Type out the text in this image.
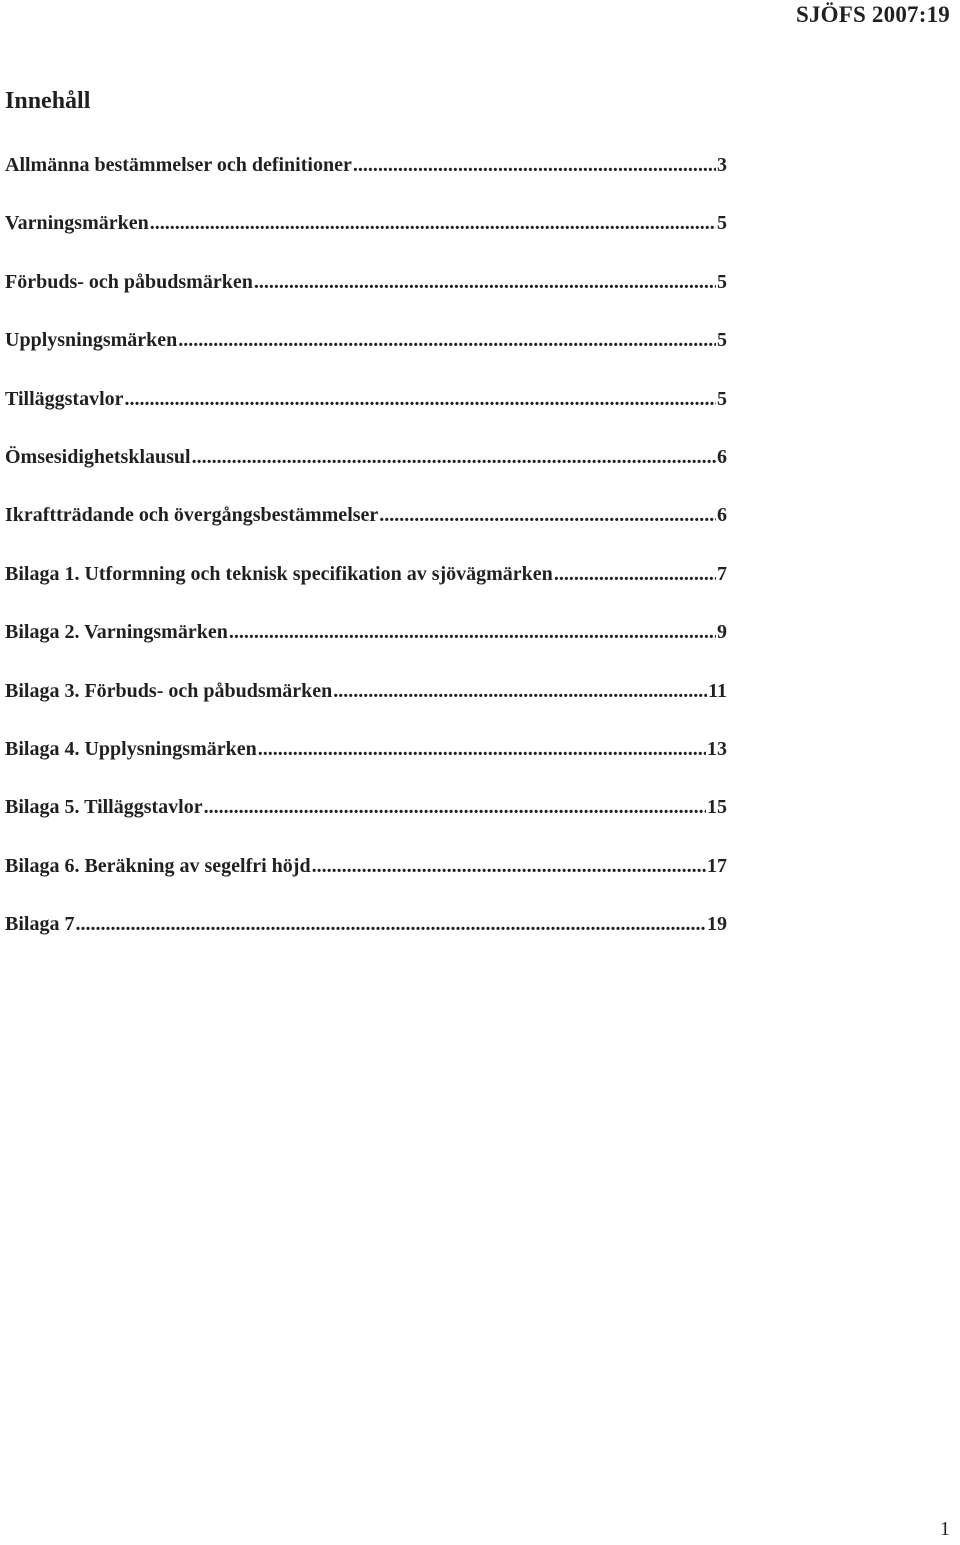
SJÖFS 2007:19
Innehåll
Allmänna bestämmelser och definitioner .....	3
Varningsmärken .....	5
Förbuds- och påbudsmärken .....	5
Upplysningsmärken .....	5
Tilläggstavlor .....	5
Ömsesidighetsklausul .....	6
Ikraftträdande och övergångsbestämmelser .....	6
Bilaga 1. Utformning och teknisk specifikation av sjövägmärken .....	7
Bilaga 2. Varningsmärken .....	9
Bilaga 3. Förbuds- och påbudsmärken .....	11
Bilaga 4. Upplysningsmärken .....	13
Bilaga 5. Tilläggstavlor .....	15
Bilaga 6. Beräkning av segelfri höjd .....	17
Bilaga 7 .....	19
1
